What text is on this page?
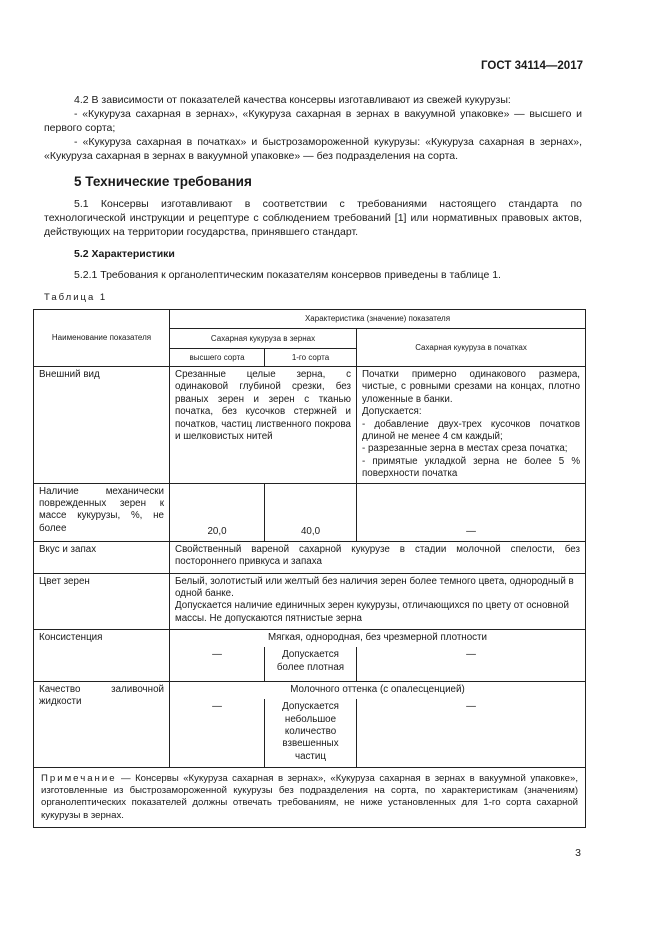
ГОСТ 34114—2017

4.2 В зависимости от показателей качества консервы изготавливают из свежей кукурузы:

- «Кукуруза сахарная в зернах», «Кукуруза сахарная в зернах в вакуумной упаковке» — высшего и первого сорта;

- «Кукуруза сахарная в початках» и быстрозамороженной кукурузы: «Кукуруза сахарная в зернах», «Кукуруза сахарная в зернах в вакуумной упаковке» — без подразделения на сорта.

5 Технические требования

5.1 Консервы изготавливают в соответствии с требованиями настоящего стандарта по технологической инструкции и рецептуре с соблюдением требований [1] или нормативных правовых актов, действующих на территории государства, принявшего стандарт.

5.2 Характеристики

5.2.1 Требования к органолептическим показателям консервов приведены в таблице 1.

Таблица 1

Наименование показателя	Характеристика (значение) показателя		
	Сахарная кукуруза в зернах		Сахарная кукуруза в початках
	высшего сорта	1-го сорта	
Внешний вид	Срезанные целые зерна, с одинаковой глубиной срезки, без рваных зерен и зерен с тканью початка, без кусочков стержней и початков, частиц лиственного покрова и шелковистых нитей		Початки примерно одинакового размера, чистые, с ровными срезами на концах, плотно уложенные в банки.
Допускается:
- добавление двух-трех кусочков початков длиной не менее 4 см каждый;
- разрезанные зерна в местах среза початка;
- примятые укладкой зерна не более 5 % поверхности початка

Наличие механически поврежденных зерен к массе кукурузы, %, не более	20,0	40,0	—
Вкус и запах	Свойственный вареной сахарной кукурузе в стадии молочной спелости, без постороннего привкуса и запаха		
Цвет зерен	Белый, золотистый или желтый без наличия зерен более темного цвета, однородный в одной банке.
Допускается наличие единичных зерен кукурузы, отличающихся по цвету от основной массы. Не допускаются пятнистые зерна		

Консистенция	Мягкая, однородная, без чрезмерной плотности		
	—	Допускается более плотная	—
Качество заливочной жидкости	Молочного оттенка (с опалесценцией)		
	—	Допускается небольшое количество взвешенных частиц	—
Примечание — Консервы «Кукуруза сахарная в зернах», «Кукуруза сахарная в зернах в вакуумной упаковке», изготовленные из быстрозамороженной кукурузы без подразделения на сорта, по характеристикам (значениям) органолептических показателей должны отвечать требованиям, не ниже установленных для 1-го сорта сахарной кукурузы в зернах.			
3
